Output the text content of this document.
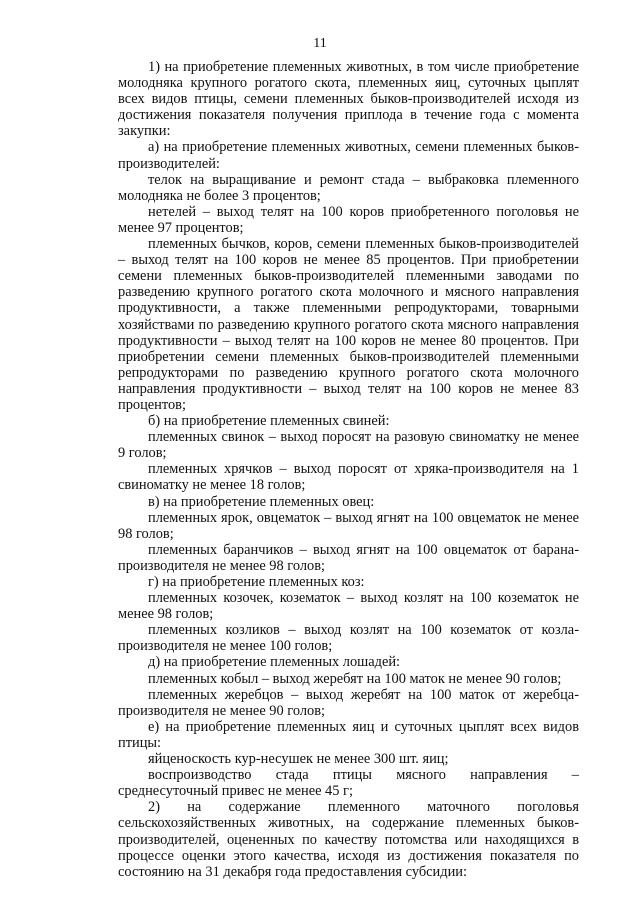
11

1) на приобретение племенных животных, в том числе приобретение молодняка крупного рогатого скота, племенных яиц, суточных цыплят всех видов птицы, семени племенных быков-производителей исходя из достижения показателя получения приплода в течение года с момента закупки:

а) на приобретение племенных животных, семени племенных быков-производителей:

телок на выращивание и ремонт стада – выбраковка племенного молодняка не более 3 процентов;

нетелей – выход телят на 100 коров приобретенного поголовья не менее 97 процентов;

племенных бычков, коров, семени племенных быков-производителей – выход телят на 100 коров не менее 85 процентов. При приобретении семени племенных быков-производителей племенными заводами по разведению крупного рогатого скота молочного и мясного направления продуктивности, а также племенными репродукторами, товарными хозяйствами по разведению крупного рогатого скота мясного направления продуктивности – выход телят на 100 коров не менее 80 процентов. При приобретении семени племенных быков-производителей племенными репродукторами по разведению крупного рогатого скота молочного направления продуктивности – выход телят на 100 коров не менее 83 процентов;

б) на приобретение племенных свиней:

племенных свинок – выход поросят на разовую свиноматку не менее 9 голов;

племенных хрячков – выход поросят от хряка-производителя на 1 свиноматку не менее 18 голов;

в) на приобретение племенных овец:

племенных ярок, овцематок – выход ягнят на 100 овцематок не менее 98 голов;

племенных баранчиков – выход ягнят на 100 овцематок от барана-производителя не менее 98 голов;

г) на приобретение племенных коз:

племенных козочек, козематок – выход козлят на 100 козематок не менее 98 голов;

племенных козликов – выход козлят на 100 козематок от козла-производителя не менее 100 голов;

д) на приобретение племенных лошадей:

племенных кобыл – выход жеребят на 100 маток не менее 90 голов;

племенных жеребцов – выход жеребят на 100 маток от жеребца-производителя не менее 90 голов;

е) на приобретение племенных яиц и суточных цыплят всех видов птицы:

яйценоскость кур-несушек не менее 300 шт. яиц;

воспроизводство стада птицы мясного направления – среднесуточный привес не менее 45 г;

2) на содержание племенного маточного поголовья сельскохозяйственных животных, на содержание племенных быков-производителей, оцененных по качеству потомства или находящихся в процессе оценки этого качества, исходя из достижения показателя по состоянию на 31 декабря года предоставления субсидии:
